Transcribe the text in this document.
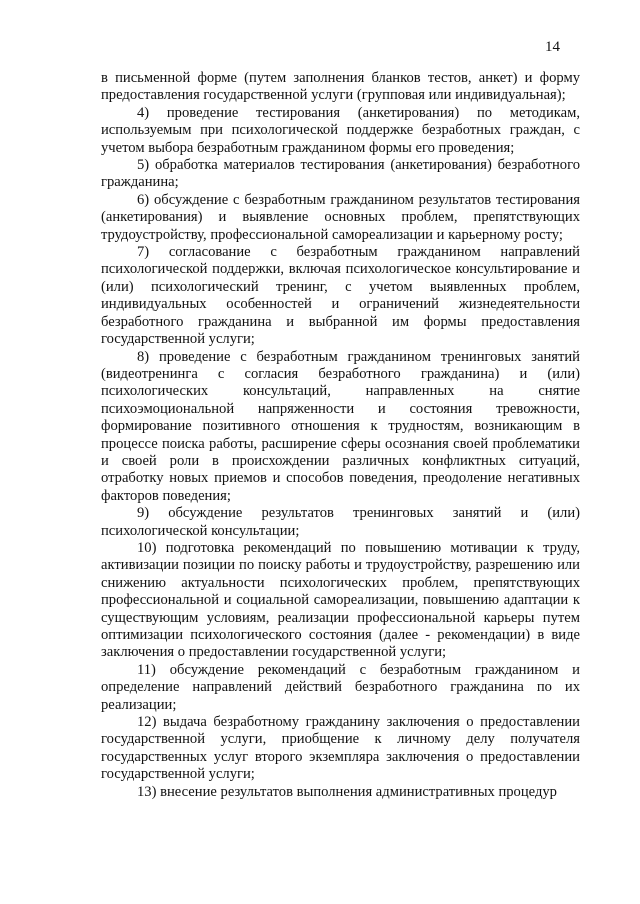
14

в письменной форме (путем заполнения бланков тестов, анкет) и форму предоставления государственной услуги (групповая или индивидуальная);

4) проведение тестирования (анкетирования) по методикам, используемым при психологической поддержке безработных граждан, с учетом выбора безработным гражданином формы его проведения;

5) обработка материалов тестирования (анкетирования) безработного гражданина;

6) обсуждение с безработным гражданином результатов тестирования (анкетирования) и выявление основных проблем, препятствующих трудоустройству, профессиональной самореализации и карьерному росту;

7) согласование с безработным гражданином направлений психологической поддержки, включая психологическое консультирование и (или) психологический тренинг, с учетом выявленных проблем, индивидуальных особенностей и ограничений жизнедеятельности безработного гражданина и выбранной им формы предоставления государственной услуги;

8) проведение с безработным гражданином тренинговых занятий (видеотренинга с согласия безработного гражданина) и (или) психологических консультаций, направленных на снятие психоэмоциональной напряженности и состояния тревожности, формирование позитивного отношения к трудностям, возникающим в процессе поиска работы, расширение сферы осознания своей проблематики и своей роли в происхождении различных конфликтных ситуаций, отработку новых приемов и способов поведения, преодоление негативных факторов поведения;

9) обсуждение результатов тренинговых занятий и (или) психологической консультации;

10) подготовка рекомендаций по повышению мотивации к труду, активизации позиции по поиску работы и трудоустройству, разрешению или снижению актуальности психологических проблем, препятствующих профессиональной и социальной самореализации, повышению адаптации к существующим условиям, реализации профессиональной карьеры путем оптимизации психологического состояния (далее - рекомендации) в виде заключения о предоставлении государственной услуги;

11) обсуждение рекомендаций с безработным гражданином и определение направлений действий безработного гражданина по их реализации;

12) выдача безработному гражданину заключения о предоставлении государственной услуги, приобщение к личному делу получателя государственных услуг второго экземпляра заключения о предоставлении государственной услуги;

13) внесение результатов выполнения административных процедур
